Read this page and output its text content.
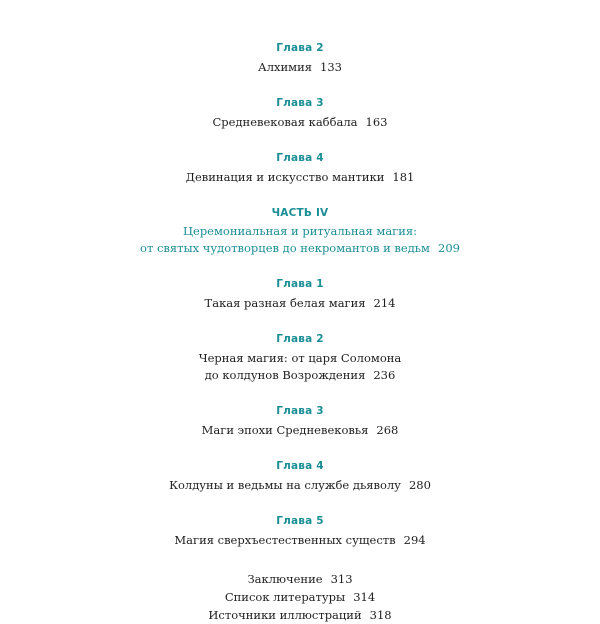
Глава 2

Алхимия 133

Глава 3

Средневековая каббала 163

Глава 4

Девинация и искусство мантики 181

ЧАСТЬ IV

Церемониальная и ритуальная магия:

от святых чудотворцев до некромантов и ведьм 209

Глава 1

Такая разная белая магия 214

Глава 2

Черная магия: от царя Соломона

до колдунов Возрождения 236

Глава 3

Маги эпохи Средневековья 268

Глава 4

Колдуны и ведьмы на службе дьяволу 280

Глава 5

Магия сверхъестественных существ 294

Заключение 313

Список литературы 314

Источники иллюстраций 318
